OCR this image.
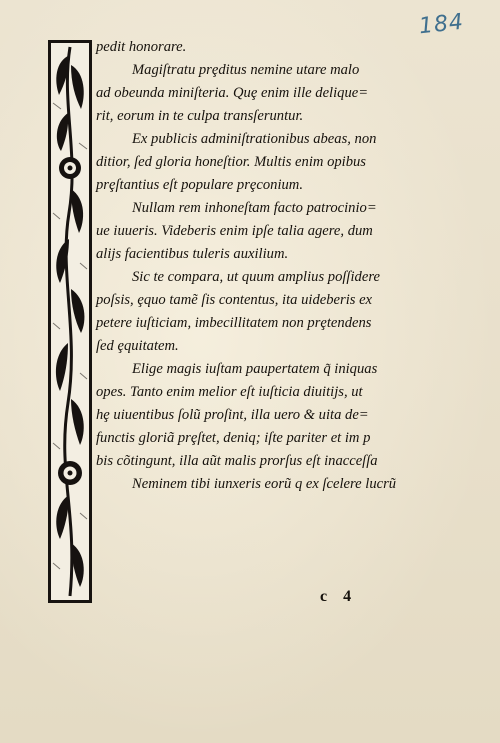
184
pedit honorare.
Magiſtratu prȩditus nemine utare malo
ad obeunda miniſteria. Quȩ enim ille delique=
rit, eorum in te culpa transſeruntur.
Ex publicis adminiſtrationibus abeas, non
ditior, ſed gloria honeſtior. Multis enim opibus
prȩſtantius eſt populare prȩconium.
Nullam rem inhoneſtam facto patrocinio=
ue iuueris. Videberis enim ipſe talia agere, dum
alijs facientibus tuleris auxilium.
Sic te compara, ut quum amplius poſſidere
poſsis, ȩquo tamẽ ſis contentus, ita uideberis ex
petere iuſticiam, imbecillitatem non prȩtendens
ſed ȩquitatem.
Elige magis iuſtam paupertatem q̃ iniquas
opes. Tanto enim melior eſt iuſticia diuitijs, ut
hȩ uiuentibus ſolũ proſint, illa uero & uita de=
functis gloriã prȩſtet, deniq; iſte pariter et im p
bis cõtingunt, illa aũt malis prorſus eſt inacceſſa
Neminem tibi iunxeris eorũ q ex ſcelere lucrũ
c 4
